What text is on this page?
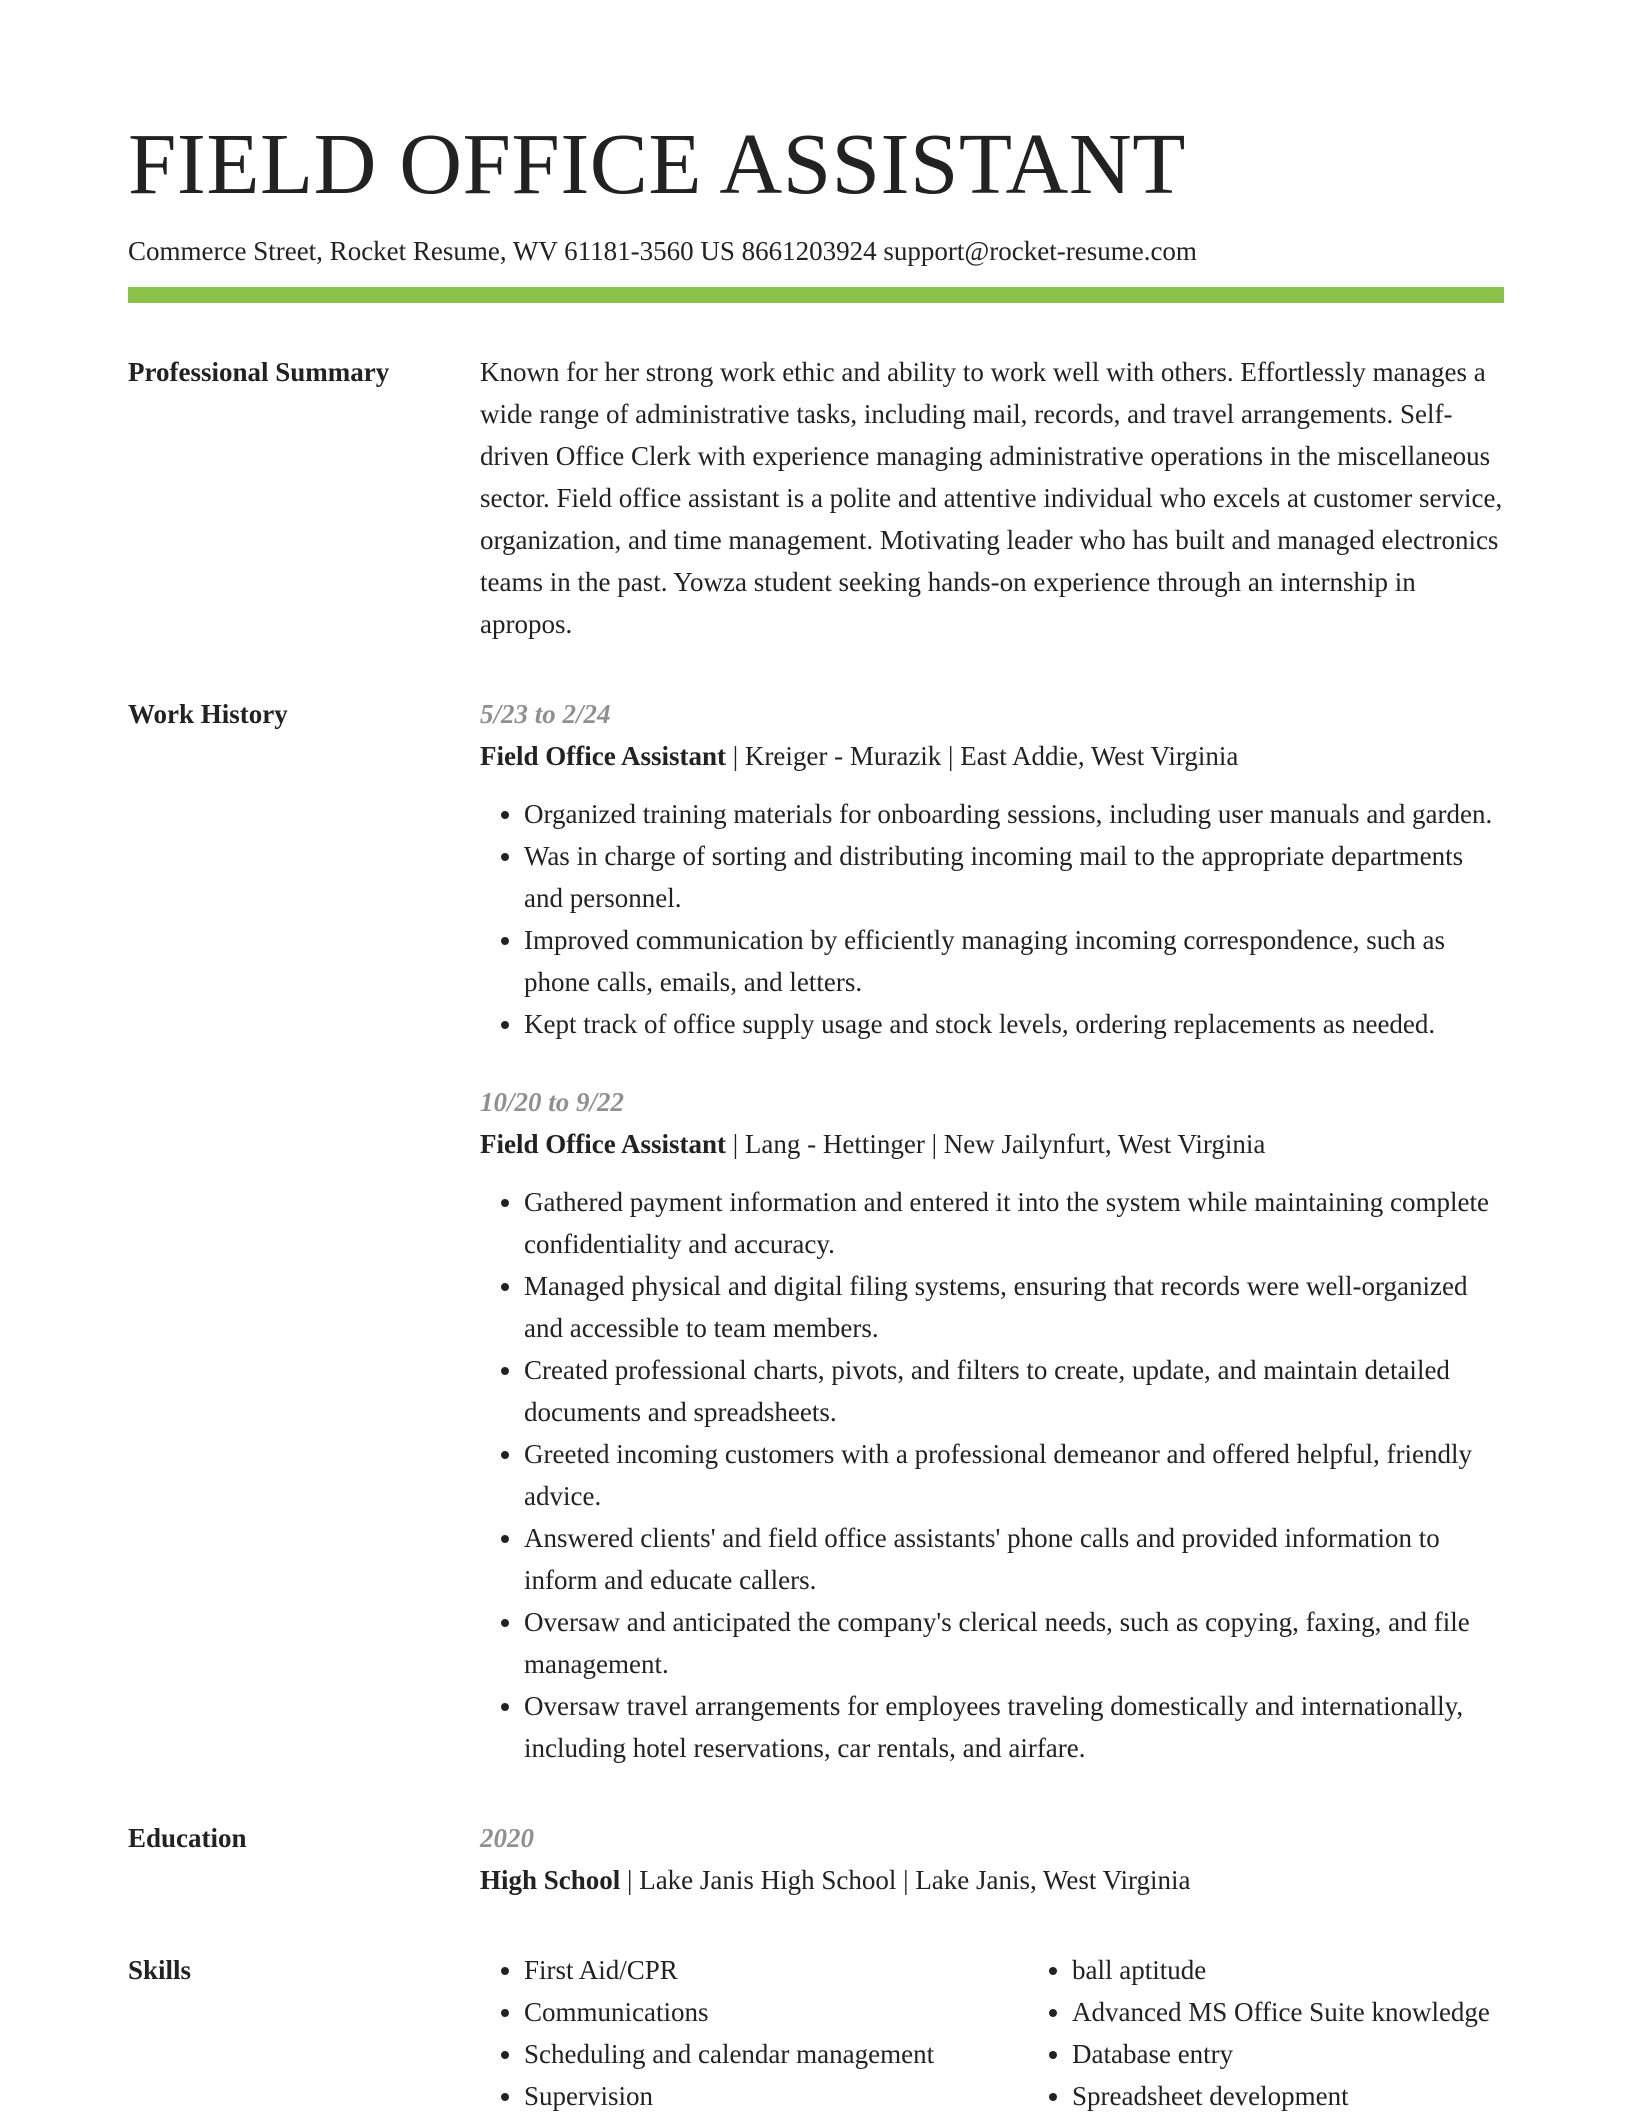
FIELD OFFICE ASSISTANT
Commerce Street, Rocket Resume, WV 61181-3560 US 8661203924 support@rocket-resume.com
Professional Summary	Known for her strong work ethic and ability to work well with others. Effortlessly manages a wide range of administrative tasks, including mail, records, and travel arrangements. Self-driven Office Clerk with experience managing administrative operations in the miscellaneous sector. Field office assistant is a polite and attentive individual who excels at customer service, organization, and time management. Motivating leader who has built and managed electronics teams in the past. Yowza student seeking hands-on experience through an internship in apropos.
Work History	5/23 to 2/24
Field Office Assistant | Kreiger - Murazik | East Addie, West Virginia
• Organized training materials for onboarding sessions, including user manuals and garden.
• Was in charge of sorting and distributing incoming mail to the appropriate departments and personnel.
• Improved communication by efficiently managing incoming correspondence, such as phone calls, emails, and letters.
• Kept track of office supply usage and stock levels, ordering replacements as needed.
10/20 to 9/22
Field Office Assistant | Lang - Hettinger | New Jailynfurt, West Virginia
• Gathered payment information and entered it into the system while maintaining complete confidentiality and accuracy.
• Managed physical and digital filing systems, ensuring that records were well-organized and accessible to team members.
• Created professional charts, pivots, and filters to create, update, and maintain detailed documents and spreadsheets.
• Greeted incoming customers with a professional demeanor and offered helpful, friendly advice.
• Answered clients' and field office assistants' phone calls and provided information to inform and educate callers.
• Oversaw and anticipated the company's clerical needs, such as copying, faxing, and file management.
• Oversaw travel arrangements for employees traveling domestically and internationally, including hotel reservations, car rentals, and airfare.
Education	2020
High School | Lake Janis High School | Lake Janis, West Virginia
Skills
•	First Aid/CPR
• Communications
• Scheduling and calendar management
• Supervision
• ball aptitude
• Advanced MS Office Suite knowledge
• Database entry
• Spreadsheet development
